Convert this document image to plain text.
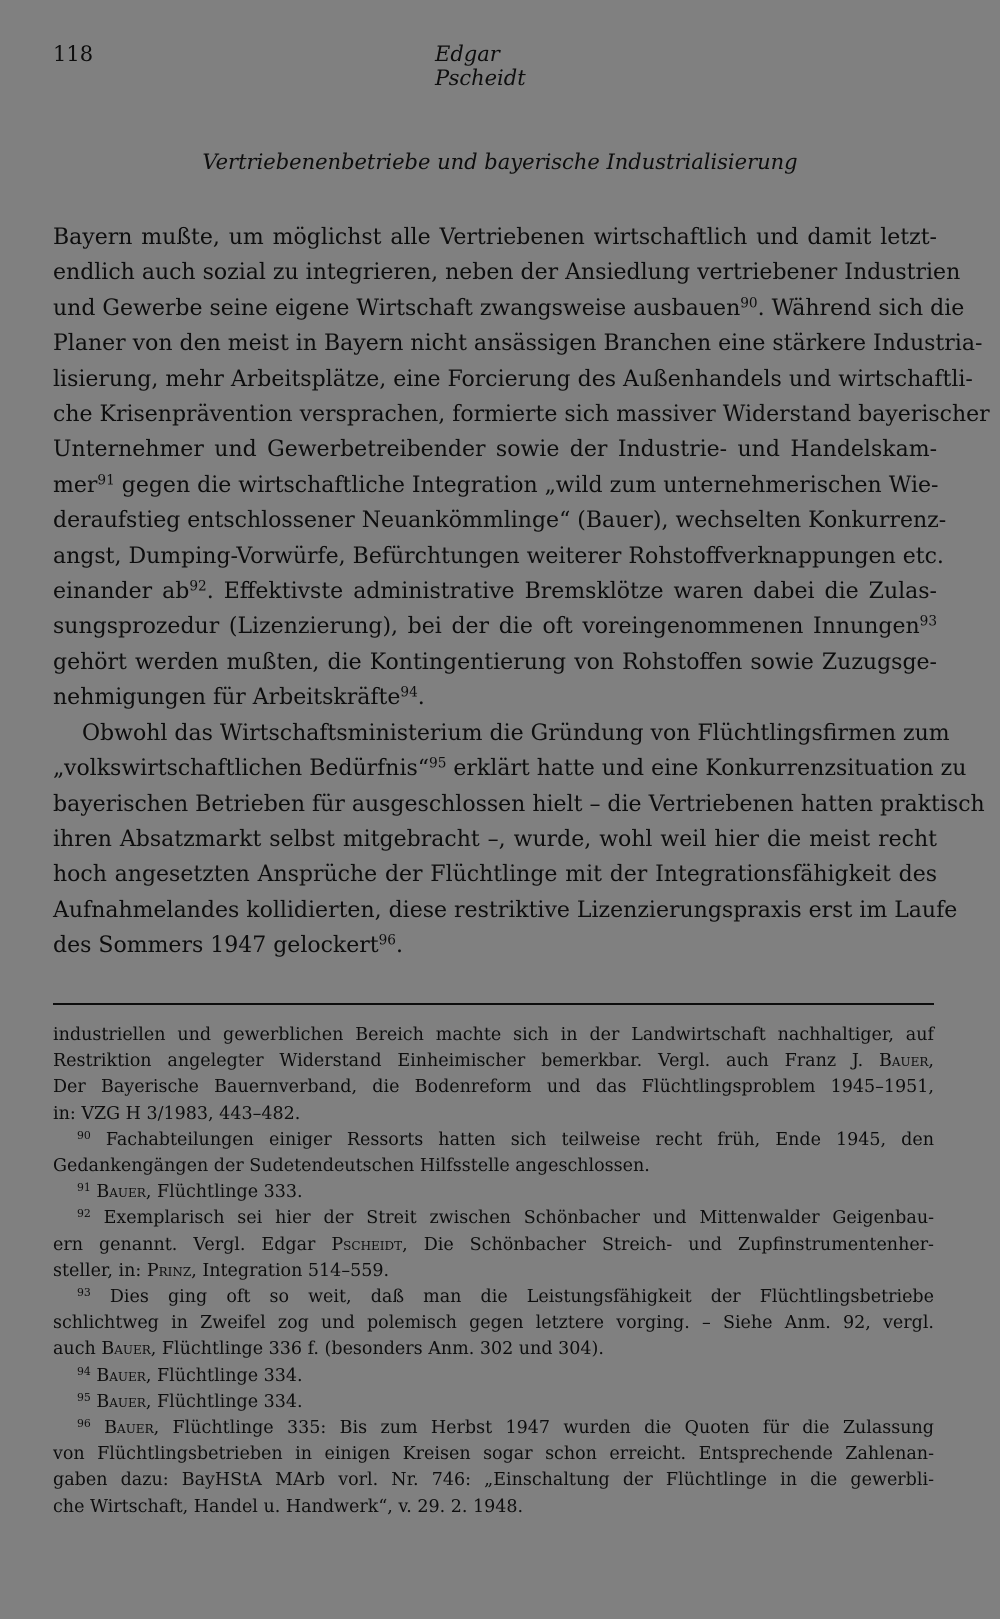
118	Edgar Pscheidt
Vertriebenenbetriebe und bayerische Industrialisierung
Bayern mußte, um möglichst alle Vertriebenen wirtschaftlich und damit letzt-
endlich auch sozial zu integrieren, neben der Ansiedlung vertriebener Industrien
und Gewerbe seine eigene Wirtschaft zwangsweise ausbauen$^{90}$. Während sich die
Planer von den meist in Bayern nicht ansässigen Branchen eine stärkere Industria-
lisierung, mehr Arbeitsplätze, eine Forcierung des Außenhandels und wirtschaftli-
che Krisenprävention versprachen, formierte sich massiver Widerstand bayerischer
Unternehmer und Gewerbetreibender sowie der Industrie- und Handelskam-
mer$^{91}$ gegen die wirtschaftliche Integration „wild zum unternehmerischen Wie-
deraufstieg entschlossener Neuankömmlinge“ (Bauer), wechselten Konkurrenz-
angst, Dumping-Vorwürfe, Befürchtungen weiterer Rohstoffverknappungen etc.
einander $ab^{92}$. Effektivste administrative Bremsklötze waren dabei die Zulas-
sungsprozedur (Lizenzierung), bei der die oft voreingenommenen Innungen$^{93}$
gehört werden mußten, die Kontingentierung von Rohstoffen sowie Zuzugsge-
nehmigungen für Arbeitskräfte$^{94}$.
Obwohl das Wirtschaftsministerium die Gründung von Flüchtlingsfirmen zum
„volkswirtschaftlichen Bedürfnis“$^{95}$ erklärt hatte und eine Konkurrenzsituation zu
bayerischen Betrieben für ausgeschlossen hielt – die Vertriebenen hatten praktisch
ihren Absatzmarkt selbst mitgebracht –, wurde, wohl weil hier die meist recht
hoch angesetzten Ansprüche der Flüchtlinge mit der Integrationsfähigkeit des
Aufnahmelandes kollidierten, diese restriktive Lizenzierungspraxis erst im Laufe
des Sommers 1947 gelockert$^{96}$.
industriellen und gewerblichen Bereich machte sich in der Landwirtschaft nachhaltiger, auf
Restriktion angelegter Widerstand Einheimischer bemerkbar. Vergl. auch Franz J. Bauer,
Der Bayerische Bauernverband, die Bodenreform und das Flüchtlingsproblem 1945–1951,
in: VZG H 3/1983, 443–482.
$^{90}$ Fachabteilungen einiger Ressorts hatten sich teilweise recht früh, Ende 1945, den
Gedankengängen der Sudetendeutschen Hilfsstelle angeschlossen.
$^{91}$ Bauer, Flüchtlinge 333.
$^{92}$ Exemplarisch sei hier der Streit zwischen Schönbacher und Mittenwalder Geigenbau-
ern genannt. Vergl. Edgar Pscheidt, Die Schönbacher Streich- und Zupfinstrumentenher-
steller, in: Prinz, Integration 514–559.
$^{93}$ Dies ging oft so weit, daß man die Leistungsfähigkeit der Flüchtlingsbetriebe
schlichtweg in Zweifel zog und polemisch gegen letztere vorging. – Siehe Anm. 92, vergl.
auch Bauer, Flüchtlinge 336 f. (besonders Anm. 302 und 304).
$^{94}$ Bauer, Flüchtlinge 334.
$^{95}$ Bauer, Flüchtlinge 334.
$^{96}$ Bauer, Flüchtlinge 335: Bis zum Herbst 1947 wurden die Quoten für die Zulassung
von Flüchtlingsbetrieben in einigen Kreisen sogar schon erreicht. Entsprechende Zahlenan-
gaben dazu: BayHStA MArb vorl. Nr. 746: „Einschaltung der Flüchtlinge in die gewerbli-
che Wirtschaft, Handel u. Handwerk“, v. 29. 2. 1948.
